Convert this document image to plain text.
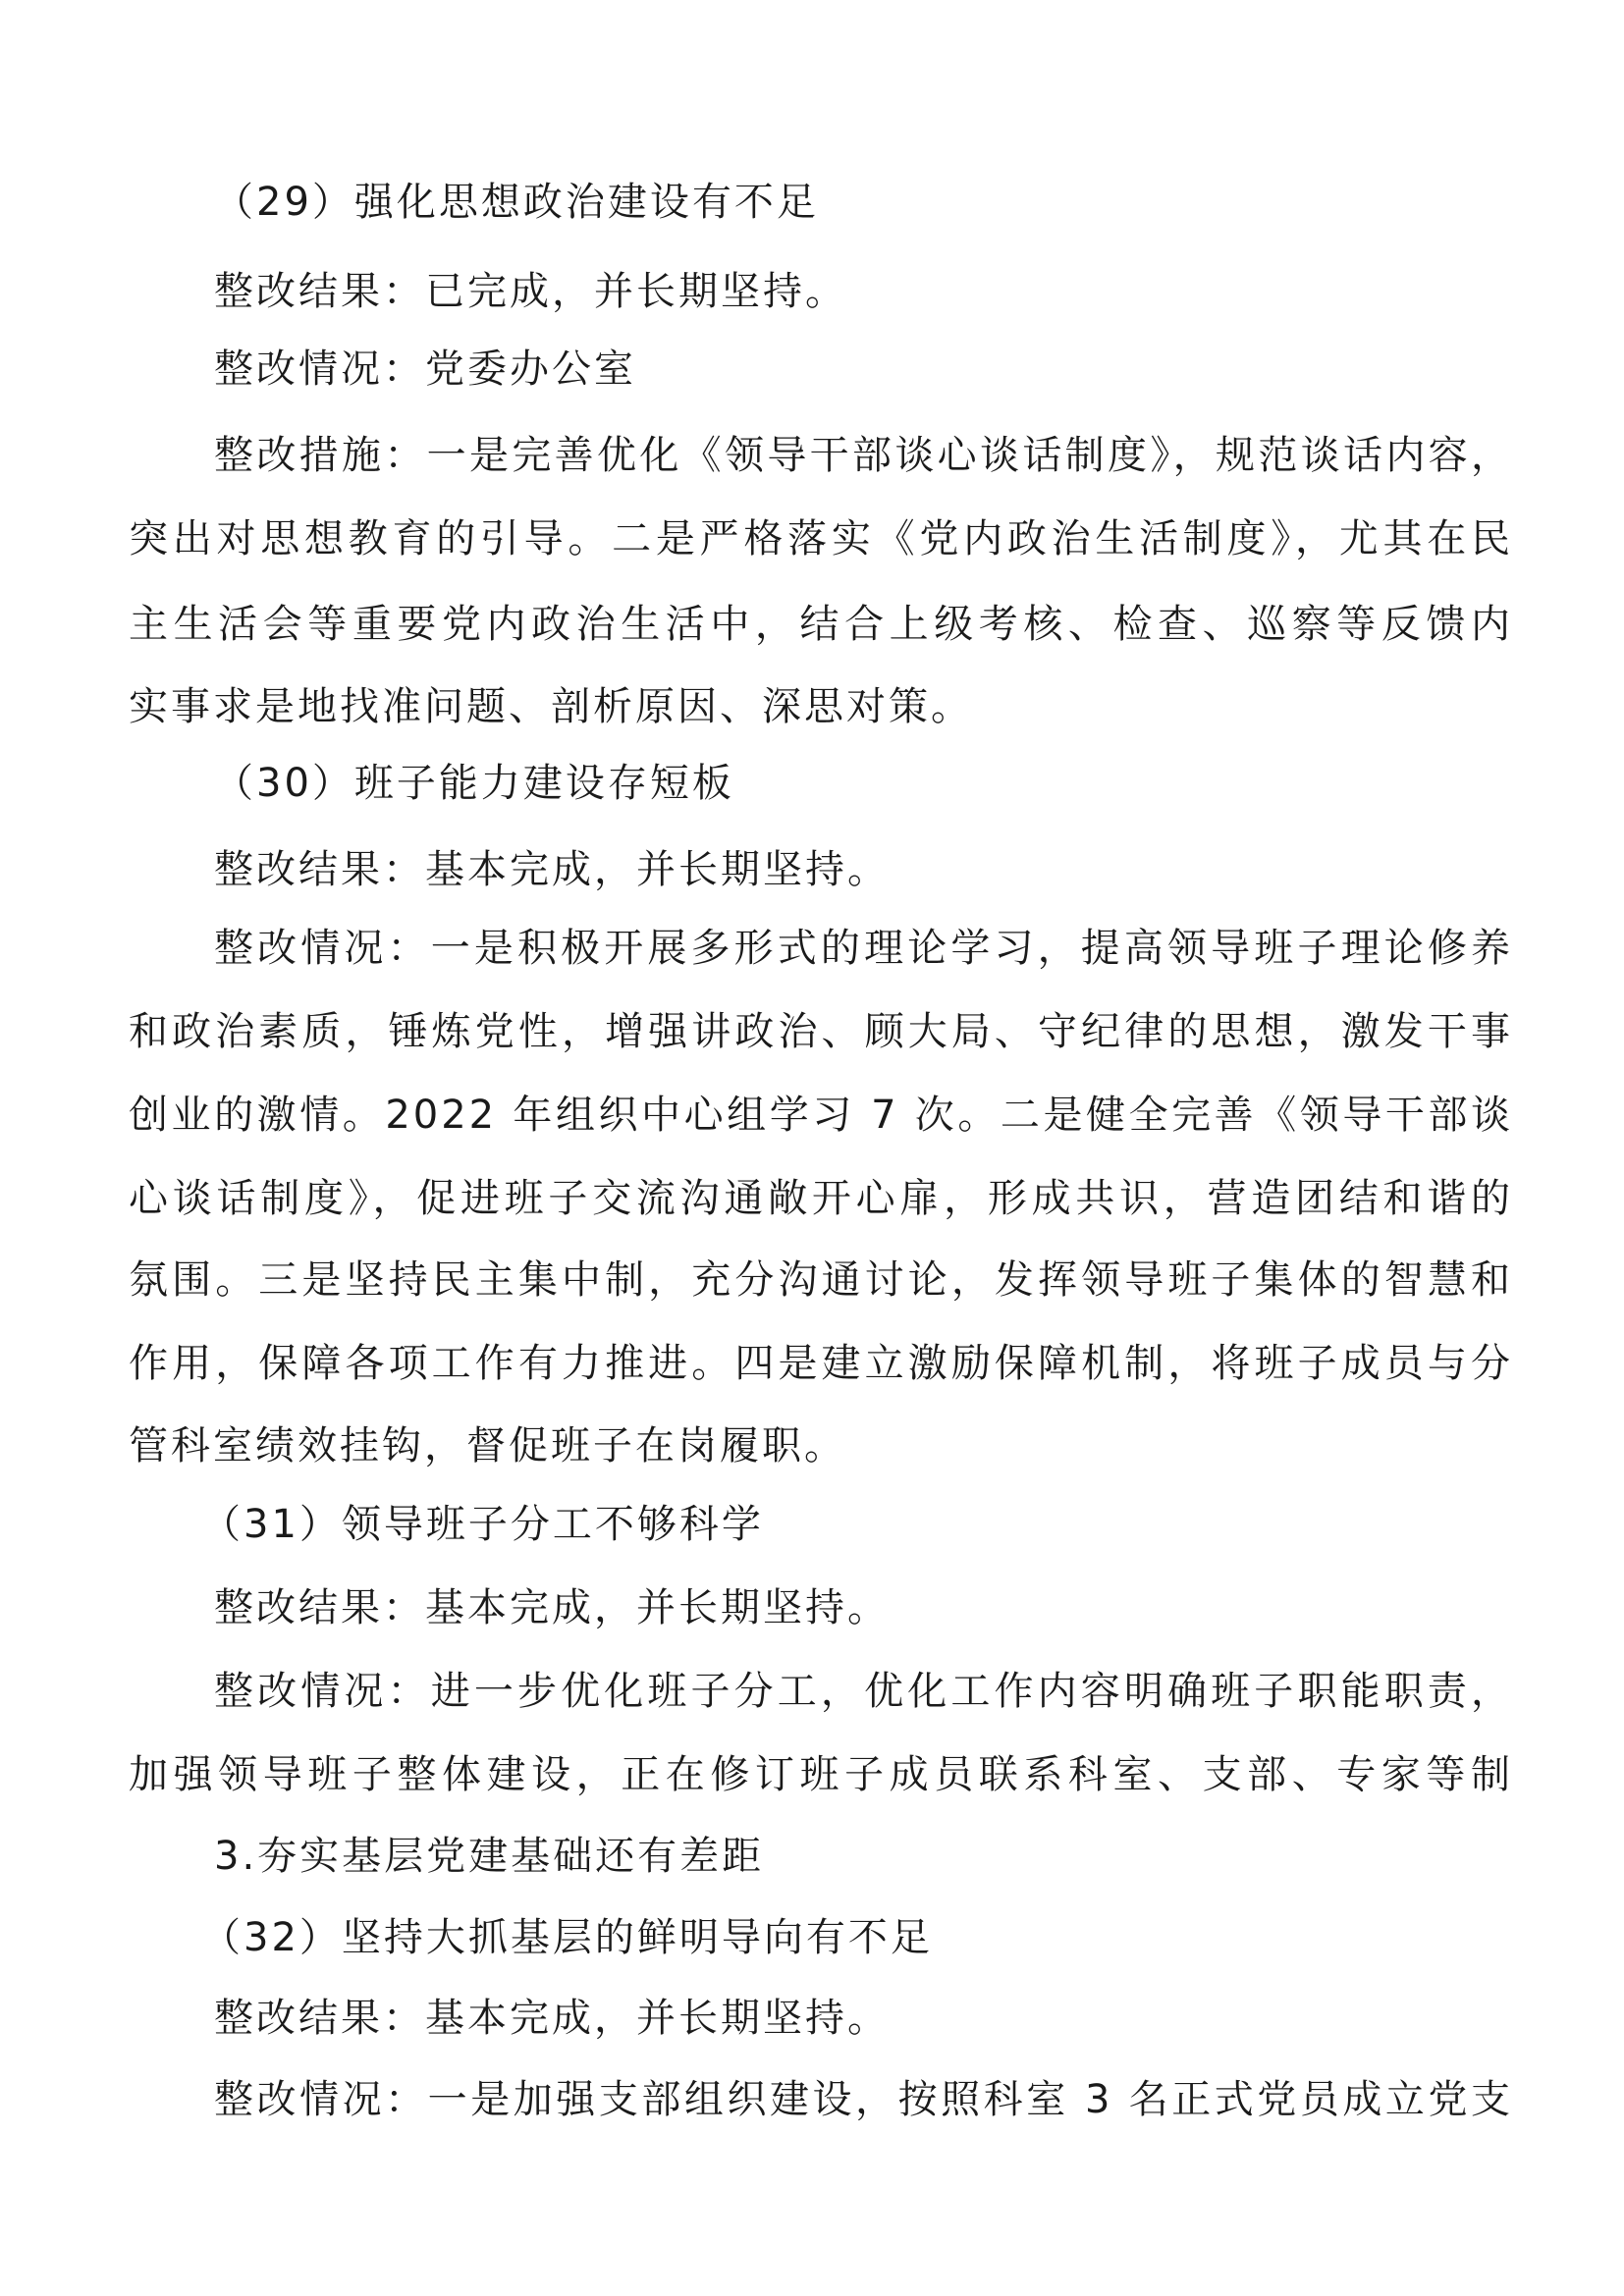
（29）强化思想政治建设有不足
整改结果：已完成，并长期坚持。
整改情况：党委办公室
整改措施：一是完善优化《领导干部谈心谈话制度》，规范谈话内容，
突出对思想教育的引导。二是严格落实《党内政治生活制度》，尤其在民
主生活会等重要党内政治生活中，结合上级考核、检查、巡察等反馈内
实事求是地找准问题、剖析原因、深思对策。
（30）班子能力建设存短板
整改结果：基本完成，并长期坚持。
整改情况：一是积极开展多形式的理论学习，提高领导班子理论修养
和政治素质，锤炼党性，增强讲政治、顾大局、守纪律的思想，激发干事
创业的激情。2022 年组织中心组学习 7 次。二是健全完善《领导干部谈
心谈话制度》，促进班子交流沟通敞开心扉，形成共识，营造团结和谐的
氛围。三是坚持民主集中制，充分沟通讨论，发挥领导班子集体的智慧和
作用，保障各项工作有力推进。四是建立激励保障机制，将班子成员与分
管科室绩效挂钩，督促班子在岗履职。
（31）领导班子分工不够科学
整改结果：基本完成，并长期坚持。
整改情况：进一步优化班子分工，优化工作内容明确班子职能职责，
加强领导班子整体建设，正在修订班子成员联系科室、支部、专家等制
3.夯实基层党建基础还有差距
（32）坚持大抓基层的鲜明导向有不足
整改结果：基本完成，并长期坚持。
整改情况：一是加强支部组织建设，按照科室 3 名正式党员成立党支
